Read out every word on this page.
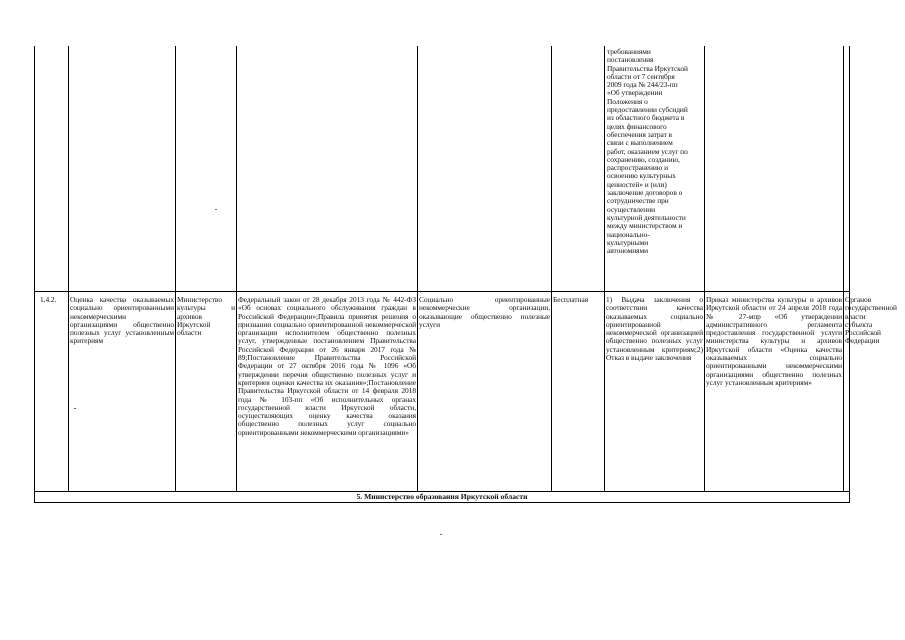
требованиями
постановления
Правительства Иркутской
области от 7 сентября
2009 года № 244/23-пп
«Об утверждении
Положения о
предоставлении субсидий
из областного бюджета в
целях финансового
обеспечения затрат в
связи с выполнением
работ, оказанием услуг по
сохранению, созданию,
распространению и
освоению культурных
ценностей» и (или)
заключение договоров о
сотрудничестве при
осуществлении
культурной деятельности
между министерством и
национально-
культурными
автономиями
1.4.2.	Оценка качества оказываемых социально ориентированными некоммерческими организациями общественно полезных услуг установленным критериям
Министерство культуры и архивов Иркутской области
Федеральный закон от 28 декабря 2013 года № 442-ФЗ «Об основах социального обслуживания граждан в Российской Федерации»;Правила принятия решения о признании социально ориентированной некоммерческой организации исполнителем общественно полезных услуг, утвержденные постановлением Правительства Российской Федерации от 26 января 2017 года № 89;Постановление Правительства Российской Федерации от 27 октября 2016 года № 1096 «Об утверждении перечня общественно полезных услуг и критериев оценки качества их оказания»;Постановление Правительства Иркутской области от 14 февраля 2018 года № 103-пп «Об исполнительных органах государственной власти Иркутской области, осуществляющих оценку качества оказания общественно полезных услуг социально ориентированными некоммерческими организациями»
Социально ориентированные некоммерческие организации, оказывающие общественно полезные услуги
Бесплатная	1) Выдача заключения о соответствии качества оказываемых социально ориентированной некоммерческой организацией общественно полезных услуг установленным критериям;2) Отказ в выдаче заключения
Приказ министерства культуры и архивов Иркутской области от 24 апреля 2018 года № 27-мпр «Об утверждении административного регламента предоставления государственной услуги министерства культуры и архивов Иркутской области «Оценка качества оказываемых социально ориентированными некоммерческими организациями общественно полезных услуг установленным критериям»
Органов государственной власти субъекта Российской Федерации
5. Министерство образования Иркутской области
